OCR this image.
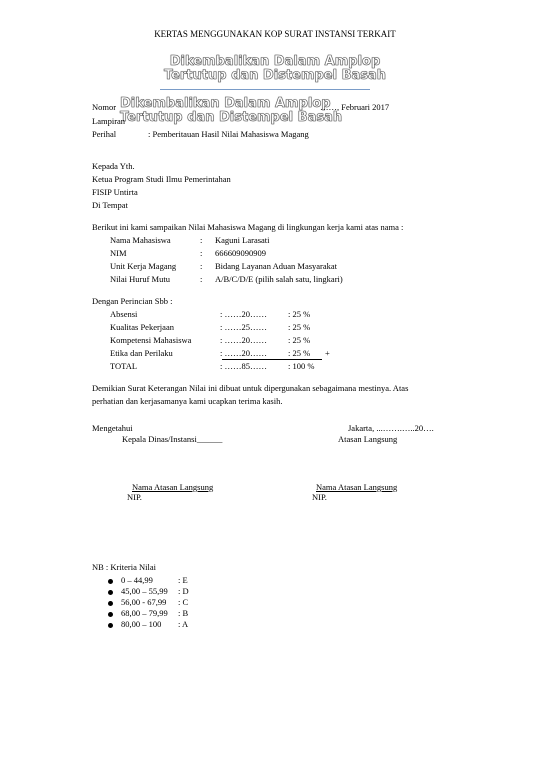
KERTAS MENGGUNAKAN KOP SURAT INSTANSI TERKAIT
Dikembalikan Dalam Amplop
Tertutup dan Distempel Basah
Dikembalikan Dalam Amplop
Tertutup dan Distempel Basah
Nomor	……, Februari 2017
Lampiran
Perihal	: Pemberitauan Hasil Nilai Mahasiswa Magang
Kepada Yth.
Ketua Program Studi Ilmu Pemerintahan
FISIP Untirta
Di Tempat
Berikut ini kami sampaikan Nilai Mahasiswa Magang di lingkungan kerja kami atas nama :
Nama Mahasiswa	: Kaguni Larasati
NIM	: 666609090909
Unit Kerja Magang	: Bidang Layanan Aduan Masyarakat
Nilai Huruf Mutu	: A/B/C/D/E (pilih salah satu, lingkari)
Dengan Perincian Sbb :
Absensi	: ……20…… : 25 %
Kualitas Pekerjaan	: ……25…… : 25 %
Kompetensi Mahasiswa	: ……20…… : 25 %
Etika dan Perilaku	: ……20…… : 25 % +
TOTAL	: ……85…… : 100 %
Demikian Surat Keterangan Nilai ini dibuat untuk dipergunakan sebagaimana mestinya. Atas
perhatian dan kerjasamanya kami ucapkan terima kasih.
Mengetahui	Jakarta, ...…….…..20….
Kepala Dinas/Instansi______	Atasan Langsung
Nama Atasan Langsung	Nama Atasan Langsung
NIP.	NIP.
NB : Kriteria Nilai
0 – 44,99	: E
45,00 – 55,99 : D
56,00 - 67,99 : C
68,00 – 79,99 : B
80,00 – 100 : A
